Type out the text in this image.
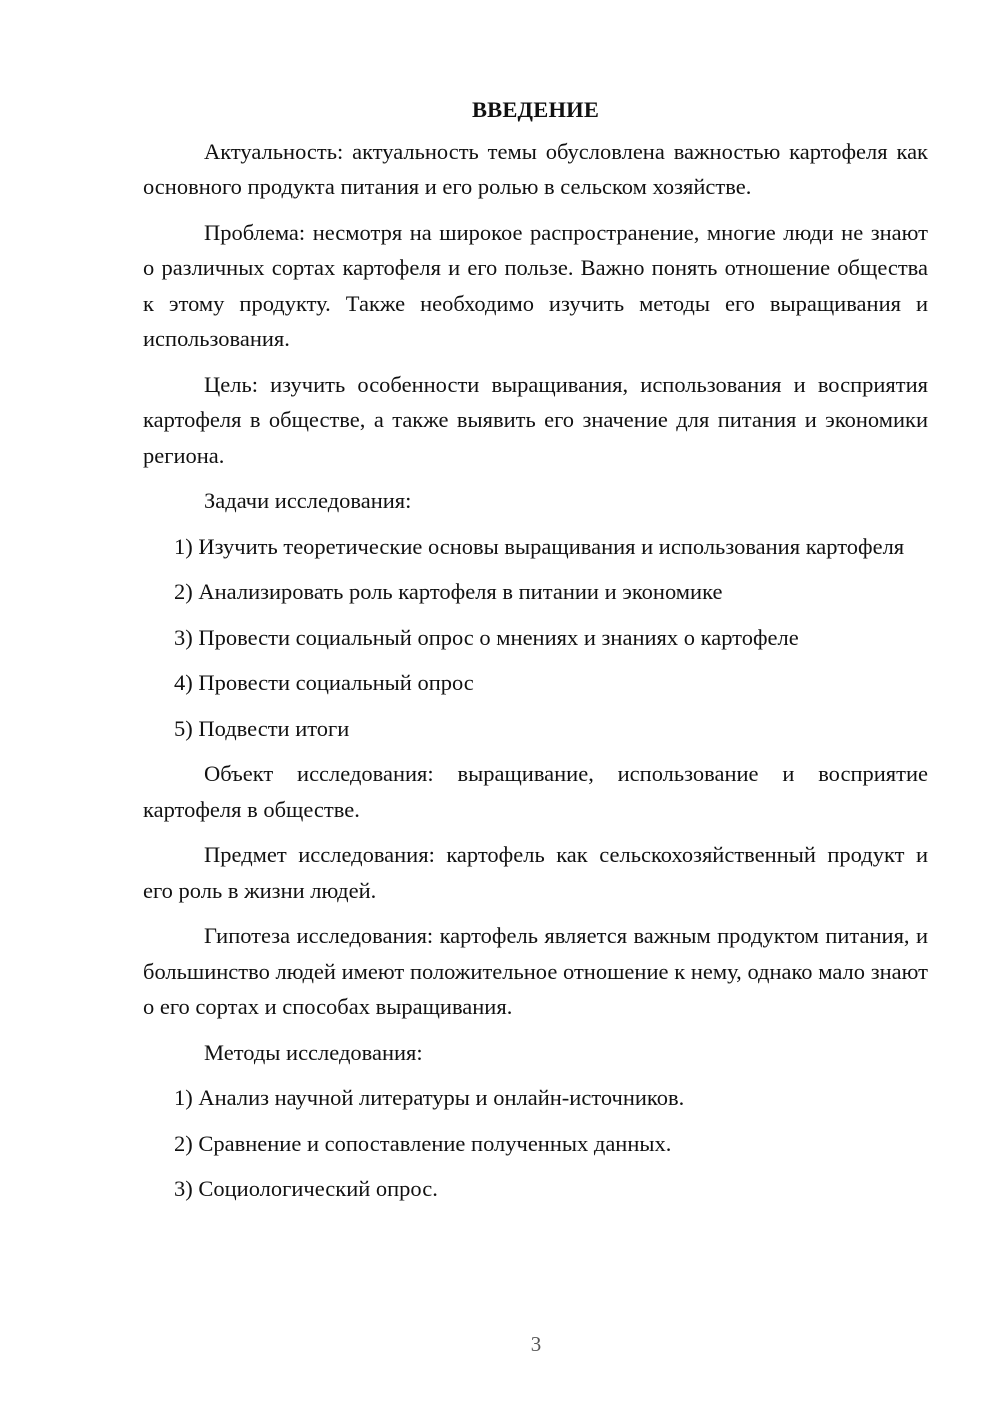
ВВЕДЕНИЕ

Актуальность: актуальность темы обусловлена важностью картофеля как основного продукта питания и его ролью в сельском хозяйстве.

Проблема: несмотря на широкое распространение, многие люди не знают о различных сортах картофеля и его пользе. Важно понять отношение общества к этому продукту. Также необходимо изучить методы его выращивания и использования.

Цель: изучить особенности выращивания, использования и восприятия картофеля в обществе, а также выявить его значение для питания и экономики региона.

Задачи исследования:

1) Изучить теоретические основы выращивания и использования картофеля

2) Анализировать роль картофеля в питании и экономике

3) Провести социальный опрос о мнениях и знаниях о картофеле

4) Провести социальный опрос

5) Подвести итоги

Объект исследования: выращивание, использование и восприятие картофеля в обществе.

Предмет исследования: картофель как сельскохозяйственный продукт и его роль в жизни людей.

Гипотеза исследования: картофель является важным продуктом питания, и большинство людей имеют положительное отношение к нему, однако мало знают о его сортах и способах выращивания.

Методы исследования:

1) Анализ научной литературы и онлайн-источников.

2) Сравнение и сопоставление полученных данных.

3) Социологический опрос.

3
